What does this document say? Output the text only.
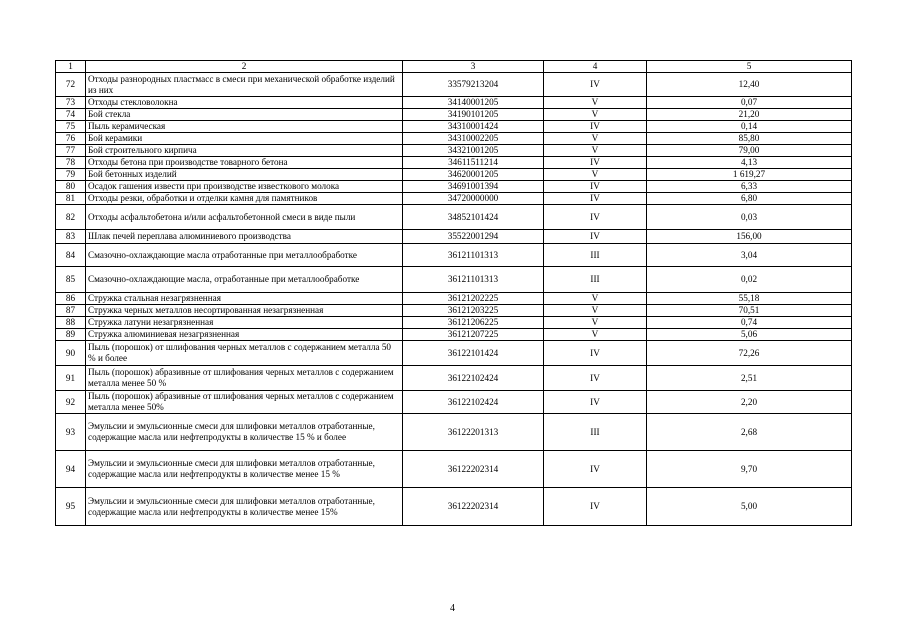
1	2	3	4	5
72	Отходы разнородных пластмасс в смеси при механической обработке изделий из них	33579213204	IV	12,40
73	Отходы стекловолокна	34140001205	V	0,07
74	Бой стекла	34190101205	V	21,20
75	Пыль керамическая	34310001424	IV	0,14
76	Бой керамики	34310002205	V	85,80
77	Бой строительного кирпича	34321001205	V	79,00
78	Отходы бетона при производстве товарного бетона	34611511214	IV	4,13
79	Бой бетонных изделий	34620001205	V	1 619,27
80	Осадок гашения извести при производстве известкового молока	34691001394	IV	6,33
81	Отходы резки, обработки и отделки камня для памятников	34720000000	IV	6,80
82	Отходы асфальтобетона и/или асфальтобетонной смеси в виде пыли	34852101424	IV	0,03
83	Шлак печей переплава алюминиевого производства	35522001294	IV	156,00
84	Смазочно-охлаждающие масла отработанные при металлообработке	36121101313	III	3,04
85	Смазочно-охлаждающие масла, отработанные при металлообработке	36121101313	III	0,02
86	Стружка стальная незагрязненная	36121202225	V	55,18
87	Стружка черных металлов несортированная незагрязненная	36121203225	V	70,51
88	Стружка латуни незагрязненная	36121206225	V	0,74
89	Стружка алюминиевая незагрязненная	36121207225	V	5,06
90	Пыль (порошок) от шлифования черных металлов с содержанием металла 50 % и более	36122101424	IV	72,26
91	Пыль (порошок) абразивные от шлифования черных металлов с содержанием металла менее 50 %	36122102424	IV	2,51
92	Пыль (порошок) абразивные от шлифования черных металлов с содержанием металла менее 50%	36122102424	IV	2,20
93	Эмульсии и эмульсионные смеси для шлифовки металлов отработанные, содержащие масла или нефтепродукты в количестве 15 % и более	36122201313	III	2,68
94	Эмульсии и эмульсионные смеси для шлифовки металлов отработанные, содержащие масла или нефтепродукты в количестве менее 15 %	36122202314	IV	9,70
95	Эмульсии и эмульсионные смеси для шлифовки металлов отработанные, содержащие масла или нефтепродукты в количестве менее 15%	36122202314	IV	5,00
4
